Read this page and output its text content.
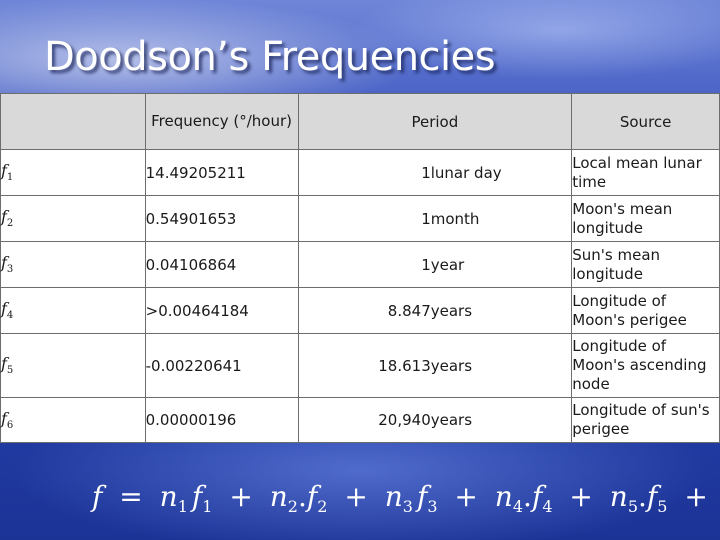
Doodson’s Frequencies
	Frequency (°/hour)	Period		Source
$f_1$	14.49205211	1	lunar day	Local mean lunar time
$f_2$	0.54901653	1	month	Moon's mean longitude
$f_3$	0.04106864	1	year	Sun's mean longitude
$f_4$	>0.00464184	8.847	years	Longitude of Moon's perigee
$f_5$	-0.00220641	18.613	years	Longitude of Moon's ascending node
$f_6$	0.00000196	20,940	years	Longitude of sun's perigee
$f = n_1$ $f_1 + n_2.f_2 + n_3$ $f_3 + n_4.f_4 + n_5.f_5$ +
